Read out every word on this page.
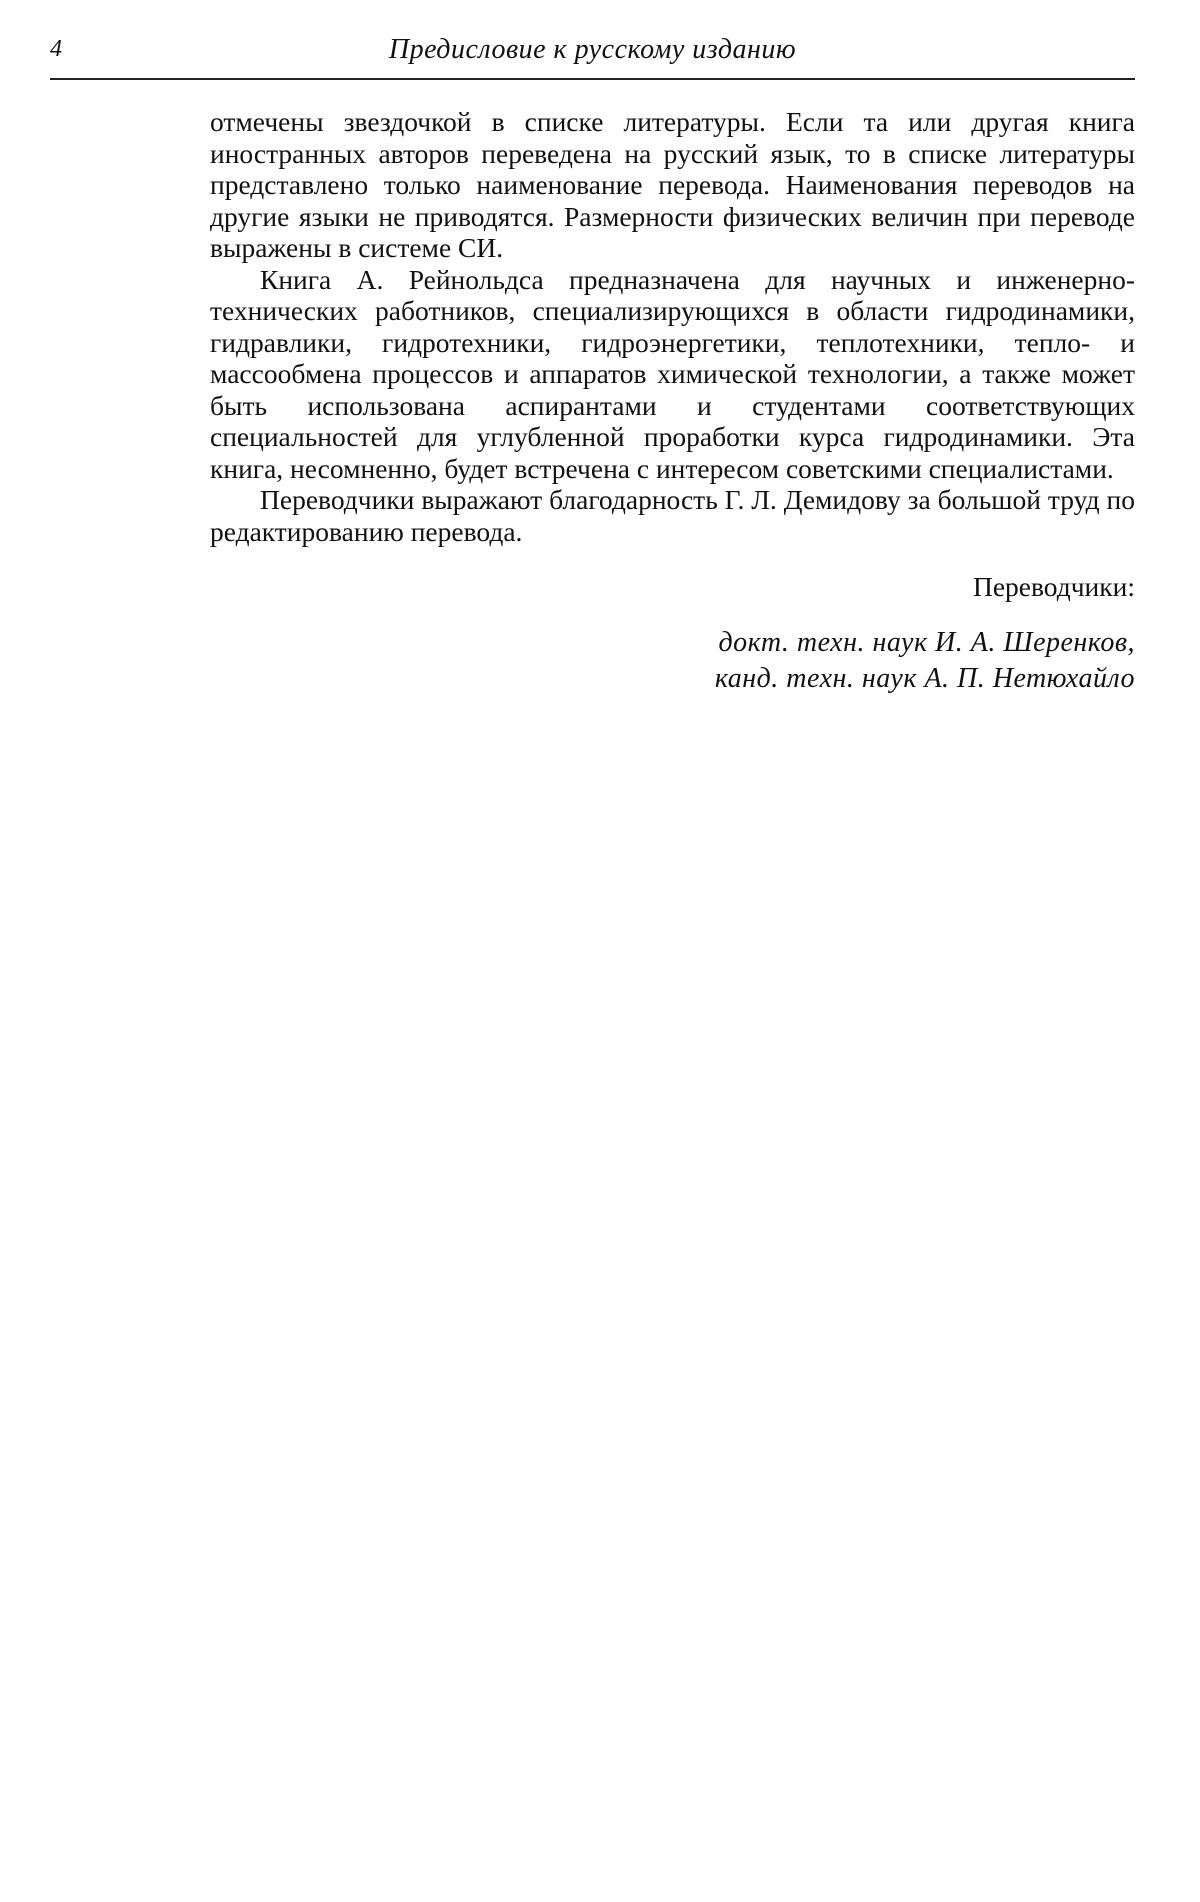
4	Предисловие к русскому изданию

отмечены звездочкой в списке литературы. Если та или другая книга иностранных авторов переведена на русский язык, то в списке литературы представлено только наименование перевода. Наименования переводов на другие языки не приводятся. Размерности физических величин при переводе выражены в системе СИ.

Книга А. Рейнольдса предназначена для научных и инженерно-технических работников, специализирующихся в области гидродинамики, гидравлики, гидротехники, гидроэнергетики, теплотехники, тепло- и массообмена процессов и аппаратов химической технологии, а также может быть использована аспирантами и студентами соответствующих специальностей для углубленной проработки курса гидродинамики. Эта книга, несомненно, будет встречена с интересом советскими специалистами.

Переводчики выражают благодарность Г. Л. Демидову за большой труд по редактированию перевода.

Переводчики:

докт. техн. наук И. А. Шеренков,
канд. техн. наук А. П. Нетюхайло
